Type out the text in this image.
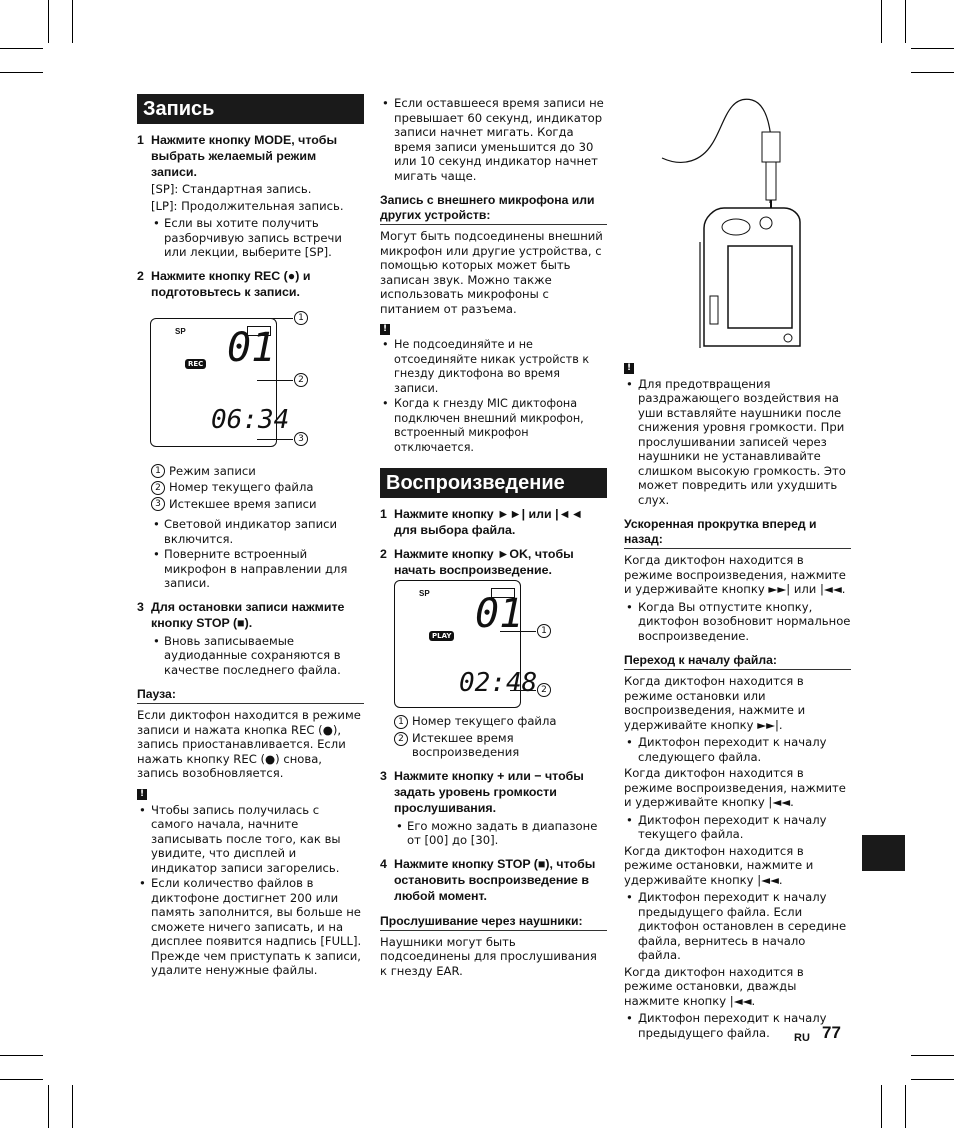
Запись
1 Нажмите кнопку MODE, чтобы выбрать желаемый режим записи.
[SP]: Стандартная запись.
[LP]: Продолжительная запись.
• Если вы хотите получить разборчивую запись встречи или лекции, выберите [SP].
2 Нажмите кнопку REC (●) и подготовьтесь к записи.
SP
REC 01
06:34
1
2
3
1 Режим записи
2 Номер текущего файла
3 Истекшее время записи
• Световой индикатор записи включится.
• Поверните встроенный микрофон в направлении для записи.
3 Для остановки записи нажмите кнопку STOP (■).
• Вновь записываемые аудиоданные сохраняются в качестве последнего файла.
Пауза:
Если диктофон находится в режиме записи и нажата кнопка REC (●), запись приостанавливается. Если нажать кнопку REC (●) снова, запись возобновляется.
!
• Чтобы запись получилась с самого начала, начните записывать после того, как вы увидите, что дисплей и индикатор записи загорелись.
• Если количество файлов в диктофоне достигнет 200 или память заполнится, вы больше не сможете ничего записать, и на дисплее появится надпись [FULL]. Прежде чем приступать к записи, удалите ненужные файлы.
• Если оставшееся время записи не превышает 60 секунд, индикатор записи начнет мигать. Когда время записи уменьшится до 30 или 10 секунд индикатор начнет мигать чаще.
Запись с внешнего микрофона или других устройств:
Могут быть подсоединены внешний микрофон или другие устройства, с помощью которых может быть записан звук. Можно также использовать микрофоны с питанием от разъема.
!
• Не подсоединяйте и не отсоединяйте никак устройств к гнезду диктофона во время записи.
• Когда к гнезду MIC диктофона подключен внешний микрофон, встроенный микрофон отключается.
Воспроизведение
1 Нажмите кнопку ►►| или |◄◄ для выбора файла.
2 Нажмите кнопку ►OK, чтобы начать воспроизведение.
SP
PLAY 01
02:48
1
2
1 Номер текущего файла
2 Истекшее время воспроизведения
3 Нажмите кнопку + или − чтобы задать уровень громкости прослушивания.
• Его можно задать в диапазоне от [00] до [30].
4 Нажмите кнопку STOP (■), чтобы остановить воспроизведение в любой момент.
Прослушивание через наушники:
Наушники могут быть подсоединены для прослушивания к гнезду EAR.
!
• Для предотвращения раздражающего воздействия на уши вставляйте наушники после снижения уровня громкости. При прослушивании записей через наушники не устанавливайте слишком высокую громкость. Это может повредить или ухудшить слух.
Ускоренная прокрутка вперед и назад:
Когда диктофон находится в режиме воспроизведения, нажмите и удерживайте кнопку ►►| или |◄◄.
• Когда Вы отпустите кнопку, диктофон возобновит нормальное воспроизведение.
Переход к началу файла:
Когда диктофон находится в режиме остановки или воспроизведения, нажмите и удерживайте кнопку ►►|.
• Диктофон переходит к началу следующего файла.
Когда диктофон находится в режиме воспроизведения, нажмите и удерживайте кнопку |◄◄.
• Диктофон переходит к началу текущего файла.
Когда диктофон находится в режиме остановки, нажмите и удерживайте кнопку |◄◄.
• Диктофон переходит к началу предыдущего файла. Если диктофон остановлен в середине файла, вернитесь в начало файла.
Когда диктофон находится в режиме остановки, дважды нажмите кнопку |◄◄.
• Диктофон переходит к началу предыдущего файла.	RU 77
